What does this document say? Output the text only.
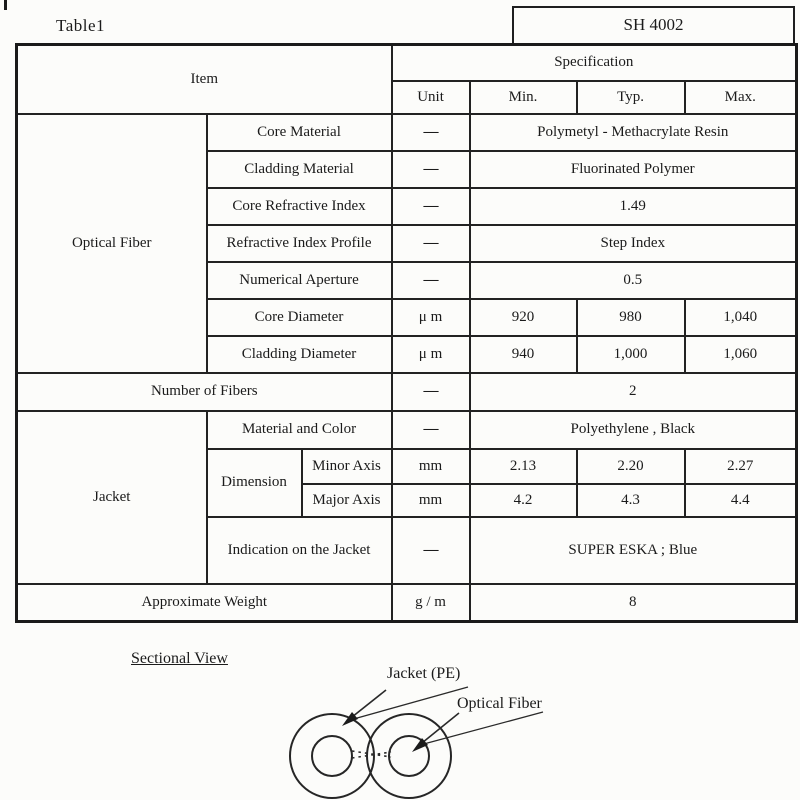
Table1	SH 4002
Item			Specification			
			Unit	Min.	Typ.	Max.
Optical Fiber	Core Material		—	Polymetyl - Methacrylate Resin		
	Cladding Material		—	Fluorinated Polymer		
	Core Refractive Index		—	1.49		
	Refractive Index Profile		—	Step Index		
	Numerical Aperture		—	0.5		
	Core Diameter		μ m	920	980	1,040
	Cladding Diameter		μ m	940	1,000	1,060
Number of Fibers			—	2		
Jacket	Material and Color		—	Polyethylene , Black		
	Dimension	Minor Axis	mm	2.13	2.20	2.27
		Major Axis	mm	4.2	4.3	4.4
	Indication on the Jacket		—	SUPER ESKA ; Blue		
Approximate Weight			g / m	8		
Sectional View
Jacket (PE)
Optical Fiber
